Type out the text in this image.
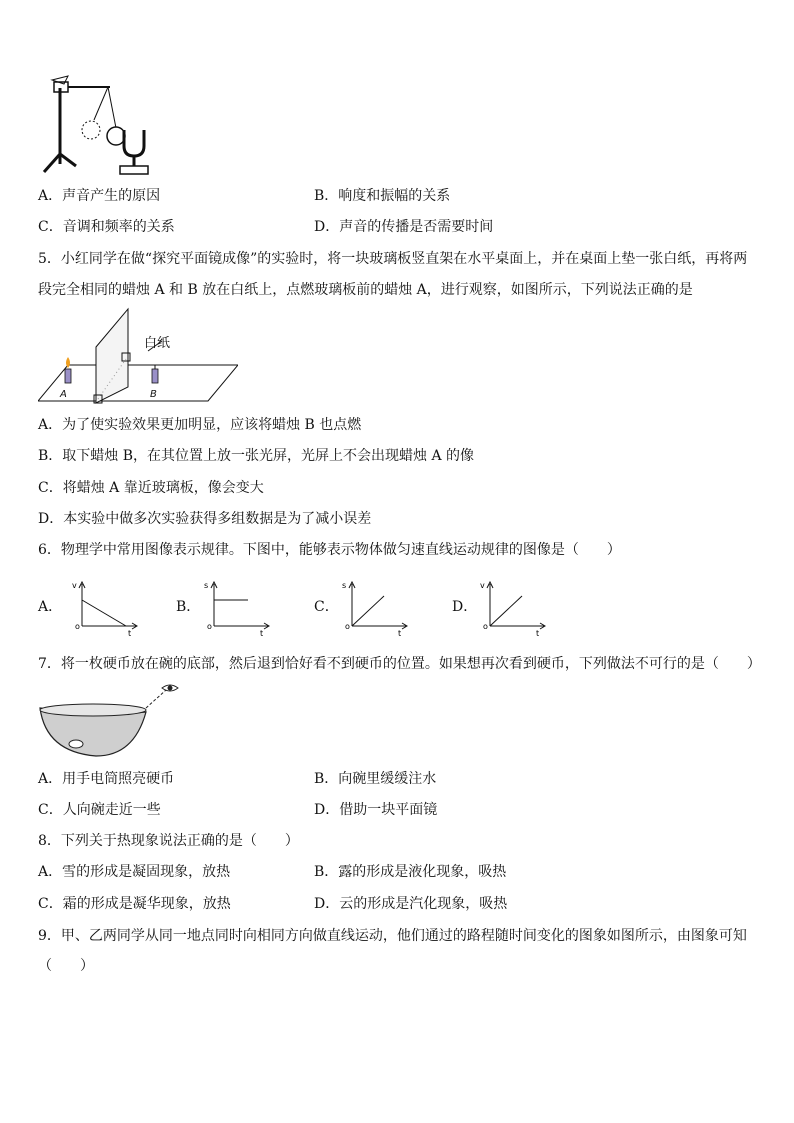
A．声音产生的原因	B．响度和振幅的关系
C．音调和频率的关系	D．声音的传播是否需要时间
5．小红同学在做“探究平面镜成像”的实验时，将一块玻璃板竖直架在水平桌面上，并在桌面上垫一张白纸，再将两
段完全相同的蜡烛 A 和 B 放在白纸上，点燃玻璃板前的蜡烛 A，进行观察，如图所示，下列说法正确的是
A	B
白纸
A．为了使实验效果更加明显，应该将蜡烛 B 也点燃
B．取下蜡烛 B，在其位置上放一张光屏，光屏上不会出现蜡烛 A 的像
C．将蜡烛 A 靠近玻璃板，像会变大
D．本实验中做多次实验获得多组数据是为了减小误差
6．物理学中常用图像表示规律。下图中，能够表示物体做匀速直线运动规律的图像是（　　）
A．
v
t
o
B．
s
t
o
C．
s
t
o
D．
v
t
o
7．将一枚硬币放在碗的底部，然后退到恰好看不到硬币的位置。如果想再次看到硬币，下列做法不可行的是（　　）
A．用手电筒照亮硬币	B．向碗里缓缓注水
C．人向碗走近一些	D．借助一块平面镜
8．下列关于热现象说法正确的是（　　）
A．雪的形成是凝固现象，放热	B．露的形成是液化现象，吸热
C．霜的形成是凝华现象，放热	D．云的形成是汽化现象，吸热
9．甲、乙两同学从同一地点同时向相同方向做直线运动，他们通过的路程随时间变化的图象如图所示，由图象可知
（　　）
